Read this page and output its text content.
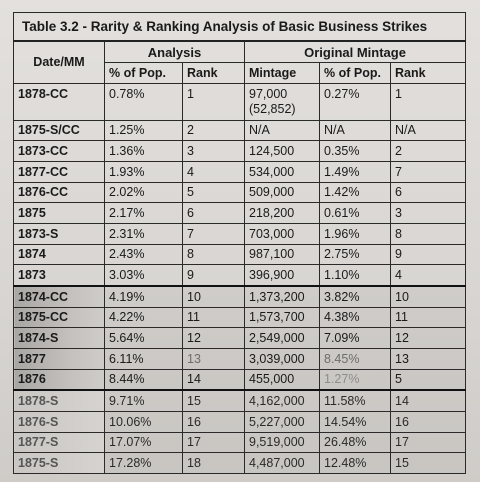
Table 3.2 - Rarity & Ranking Analysis of Basic Business Strikes					
Date/MM	Analysis		Original Mintage		
	% of Pop.	Rank	Mintage	% of Pop.	Rank
1878-CC	0.78%	1	97,000 (52,852)	0.27%	1
1875-S/CC	1.25%	2	N/A	N/A	N/A
1873-CC	1.36%	3	124,500	0.35%	2
1877-CC	1.93%	4	534,000	1.49%	7
1876-CC	2.02%	5	509,000	1.42%	6
1875	2.17%	6	218,200	0.61%	3
1873-S	2.31%	7	703,000	1.96%	8
1874	2.43%	8	987,100	2.75%	9
1873	3.03%	9	396,900	1.10%	4
1874-CC	4.19%	10	1,373,200	3.82%	10
1875-CC	4.22%	11	1,573,700	4.38%	11
1874-S	5.64%	12	2,549,000	7.09%	12
1877	6.11%	13	3,039,000	8.45%	13
1876	8.44%	14	455,000	1.27%	5
1878-S	9.71%	15	4,162,000	11.58%	14
1876-S	10.06%	16	5,227,000	14.54%	16
1877-S	17.07%	17	9,519,000	26.48%	17
1875-S	17.28%	18	4,487,000	12.48%	15
